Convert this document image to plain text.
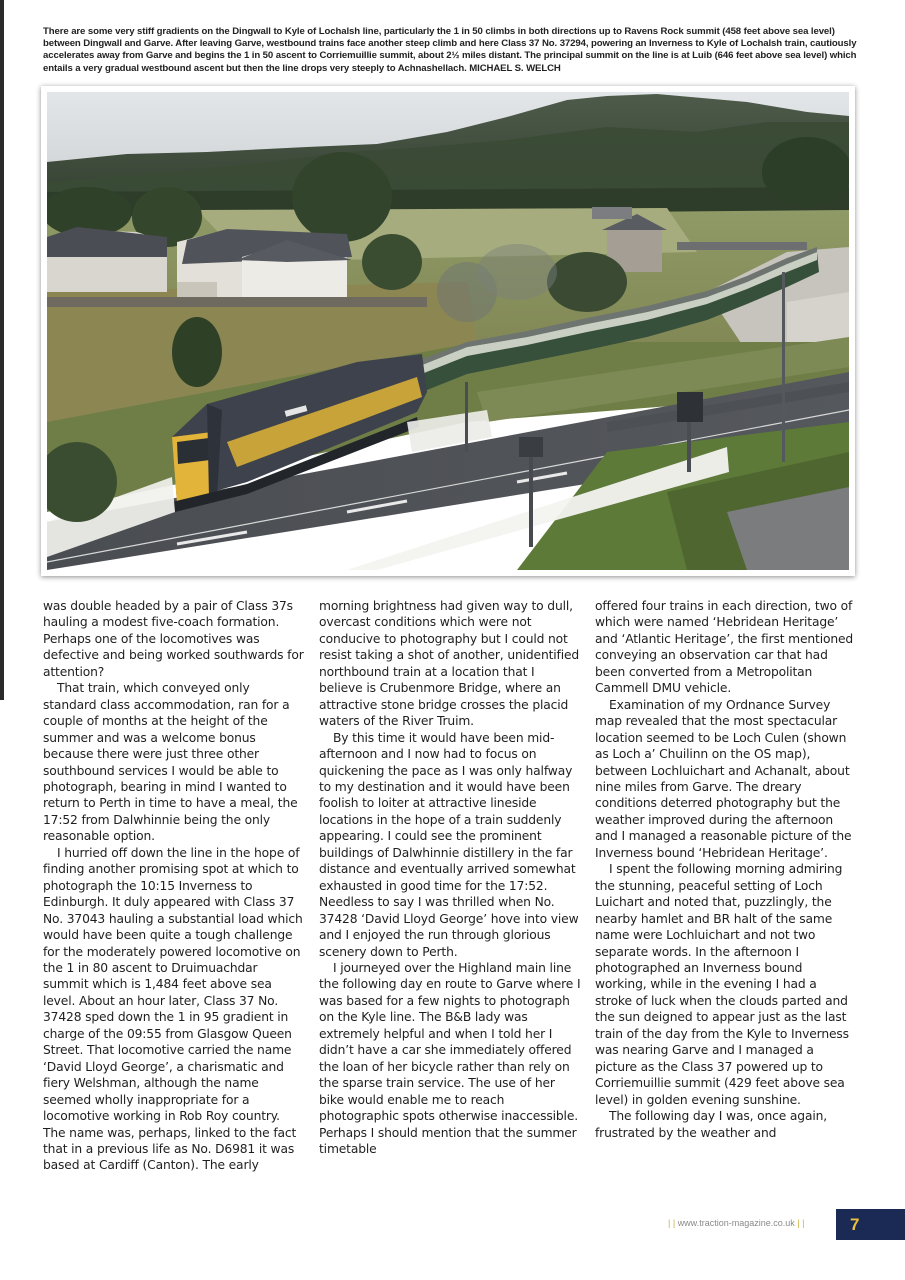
There are some very stiff gradients on the Dingwall to Kyle of Lochalsh line, particularly the 1 in 50 climbs in both directions up to Ravens Rock summit (458 feet above sea level) between Dingwall and Garve. After leaving Garve, westbound trains face another steep climb and here Class 37 No. 37294, powering an Inverness to Kyle of Lochalsh train, cautiously accelerates away from Garve and begins the 1 in 50 ascent to Corriemuillie summit, about 2½ miles distant. The principal summit on the line is at Luib (646 feet above sea level) which entails a very gradual westbound ascent but then the line drops very steeply to Achnashellach. MICHAEL S. WELCH

was double headed by a pair of Class 37s hauling a modest five-coach formation. Perhaps one of the locomotives was defective and being worked southwards for attention?

That train, which conveyed only standard class accommodation, ran for a couple of months at the height of the summer and was a welcome bonus because there were just three other southbound services I would be able to photograph, bearing in mind I wanted to return to Perth in time to have a meal, the 17:52 from Dalwhinnie being the only reasonable option.

I hurried off down the line in the hope of finding another promising spot at which to photograph the 10:15 Inverness to Edinburgh. It duly appeared with Class 37 No. 37043 hauling a substantial load which would have been quite a tough challenge for the moderately powered locomotive on the 1 in 80 ascent to Druimuachdar summit which is 1,484 feet above sea level. About an hour later, Class 37 No. 37428 sped down the 1 in 95 gradient in charge of the 09:55 from Glasgow Queen Street. That locomotive carried the name ‘David Lloyd George’, a charismatic and fiery Welshman, although the name seemed wholly inappropriate for a locomotive working in Rob Roy country. The name was, perhaps, linked to the fact that in a previous life as No. D6981 it was based at Cardiff (Canton). The early

morning brightness had given way to dull, overcast conditions which were not conducive to photography but I could not resist taking a shot of another, unidentified northbound train at a location that I believe is Crubenmore Bridge, where an attractive stone bridge crosses the placid waters of the River Truim.

By this time it would have been mid-afternoon and I now had to focus on quickening the pace as I was only halfway to my destination and it would have been foolish to loiter at attractive lineside locations in the hope of a train suddenly appearing. I could see the prominent buildings of Dalwhinnie distillery in the far distance and eventually arrived somewhat exhausted in good time for the 17:52. Needless to say I was thrilled when No. 37428 ‘David Lloyd George’ hove into view and I enjoyed the run through glorious scenery down to Perth.

I journeyed over the Highland main line the following day en route to Garve where I was based for a few nights to photograph on the Kyle line. The B&B lady was extremely helpful and when I told her I didn’t have a car she immediately offered the loan of her bicycle rather than rely on the sparse train service. The use of her bike would enable me to reach photographic spots otherwise inaccessible. Perhaps I should mention that the summer timetable

offered four trains in each direction, two of which were named ‘Hebridean Heritage’ and ‘Atlantic Heritage’, the first mentioned conveying an observation car that had been converted from a Metropolitan Cammell DMU vehicle.

Examination of my Ordnance Survey map revealed that the most spectacular location seemed to be Loch Culen (shown as Loch a’ Chuilinn on the OS map), between Lochluichart and Achanalt, about nine miles from Garve. The dreary conditions deterred photography but the weather improved during the afternoon and I managed a reasonable picture of the Inverness bound ‘Hebridean Heritage’.

I spent the following morning admiring the stunning, peaceful setting of Loch Luichart and noted that, puzzlingly, the nearby hamlet and BR halt of the same name were Lochluichart and not two separate words. In the afternoon I photographed an Inverness bound working, while in the evening I had a stroke of luck when the clouds parted and the sun deigned to appear just as the last train of the day from the Kyle to Inverness was nearing Garve and I managed a picture as the Class 37 powered up to Corriemuillie summit (429 feet above sea level) in golden evening sunshine.

The following day I was, once again, frustrated by the weather and

| | www.traction-magazine.co.uk | |	7
